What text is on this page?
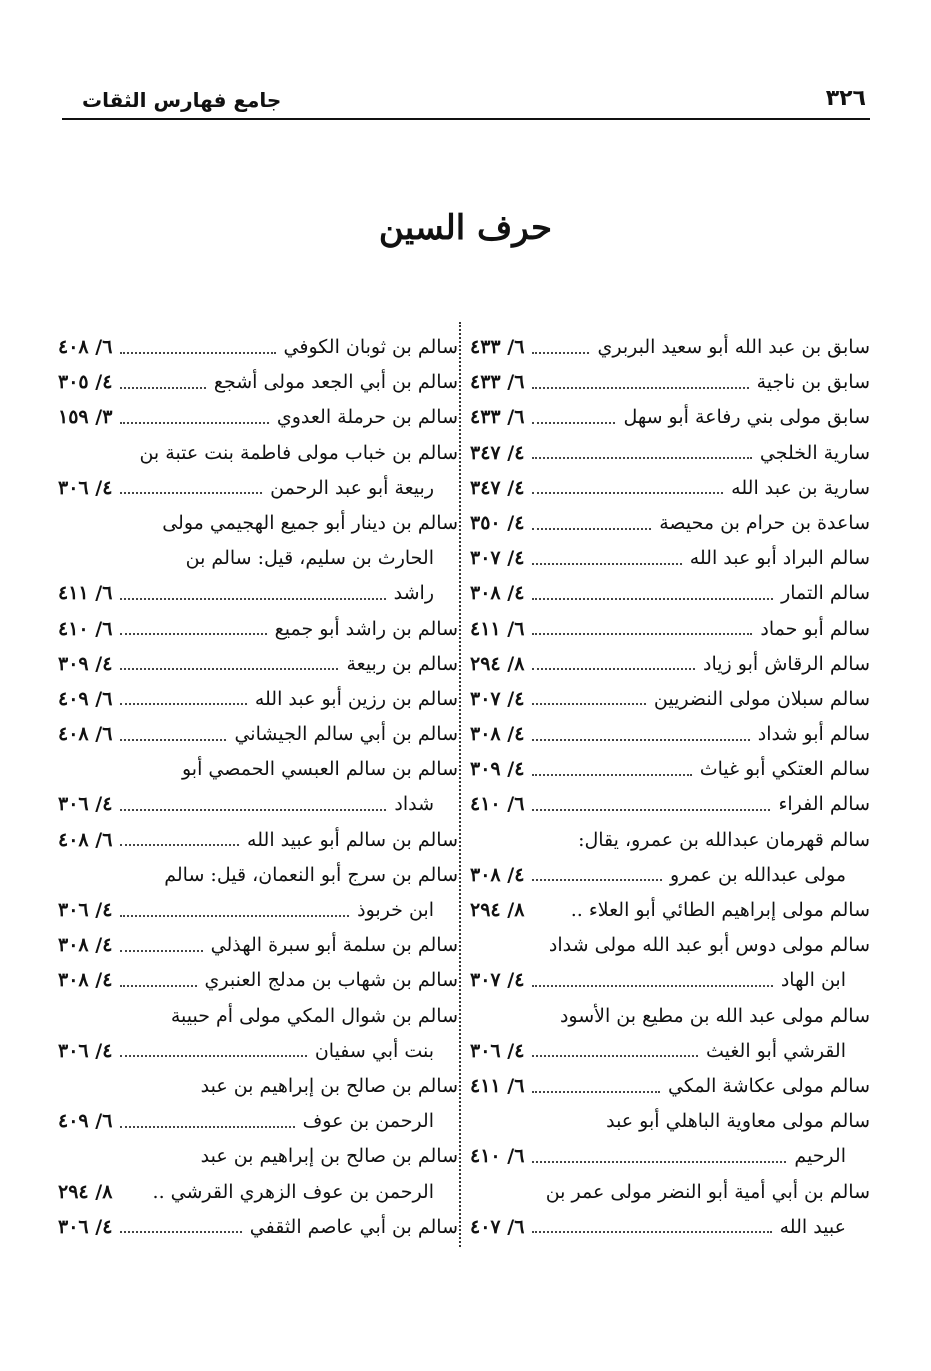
٣٢٦
جامع فهارس الثقات
حرف السين
سابق بن عبد الله أبو سعيد البربري
٦/ ٤٣٣
سابق بن ناجية
٦/ ٤٣٣
سابق مولى بني رفاعة أبو سهل
٦/ ٤٣٣
سارية الخلجي
٤/ ٣٤٧
سارية بن عبد الله
٤/ ٣٤٧
ساعدة بن حرام بن محيصة
٤/ ٣٥٠
سالم البراد أبو عبد الله
٤/ ٣٠٧
سالم التمار
٤/ ٣٠٨
سالم أبو حماد
٦/ ٤١١
سالم الرقاش أبو زياد
٨/ ٢٩٤
سالم سبلان مولى النضريين
٤/ ٣٠٧
سالم أبو شداد
٤/ ٣٠٨
سالم العتكي أبو غياث
٤/ ٣٠٩
سالم الفراء
٦/ ٤١٠
سالم قهرمان عبدالله بن عمرو، يقال:
مولى عبدالله بن عمرو
٤/ ٣٠٨
سالم مولى إبراهيم الطائي أبو العلاء ..
٨/ ٢٩٤
سالم مولى دوس أبو عبد الله مولى شداد
ابن الهاد
٤/ ٣٠٧
سالم مولى عبد الله بن مطيع بن الأسود
القرشي أبو الغيث
٤/ ٣٠٦
سالم مولى عكاشة المكي
٦/ ٤١١
سالم مولى معاوية الباهلي أبو عبد
الرحيم
٦/ ٤١٠
سالم بن أبي أمية أبو النضر مولى عمر بن
عبيد الله
٦/ ٤٠٧
سالم بن ثوبان الكوفي
٦/ ٤٠٨
سالم بن أبي الجعد مولى أشجع
٤/ ٣٠٥
سالم بن حرملة العدوي
٣/ ١٥٩
سالم بن خباب مولى فاطمة بنت عتبة بن
ربيعة أبو عبد الرحمن
٤/ ٣٠٦
سالم بن دينار أبو جميع الهجيمي مولى
الحارث بن سليم، قيل: سالم بن
راشد
٦/ ٤١١
سالم بن راشد أبو جميع
٦/ ٤١٠
سالم بن ربيعة
٤/ ٣٠٩
سالم بن رزين أبو عبد الله
٦/ ٤٠٩
سالم بن أبي سالم الجيشاني
٦/ ٤٠٨
سالم بن سالم العبسي الحمصي أبو
شداد
٤/ ٣٠٦
سالم بن سالم أبو عبيد الله
٦/ ٤٠٨
سالم بن سرج أبو النعمان، قيل: سالم
ابن خربوذ
٤/ ٣٠٦
سالم بن سلمة أبو سبرة الهذلي
٤/ ٣٠٨
سالم بن شهاب بن مدلج العنبري
٤/ ٣٠٨
سالم بن شوال المكي مولى أم حبيبة
بنت أبي سفيان
٤/ ٣٠٦
سالم بن صالح بن إبراهيم بن عبد
الرحمن بن عوف
٦/ ٤٠٩
سالم بن صالح بن إبراهيم بن عبد
الرحمن بن عوف الزهري القرشي ..
٨/ ٢٩٤
سالم بن أبي عاصم الثقفي
٤/ ٣٠٦
